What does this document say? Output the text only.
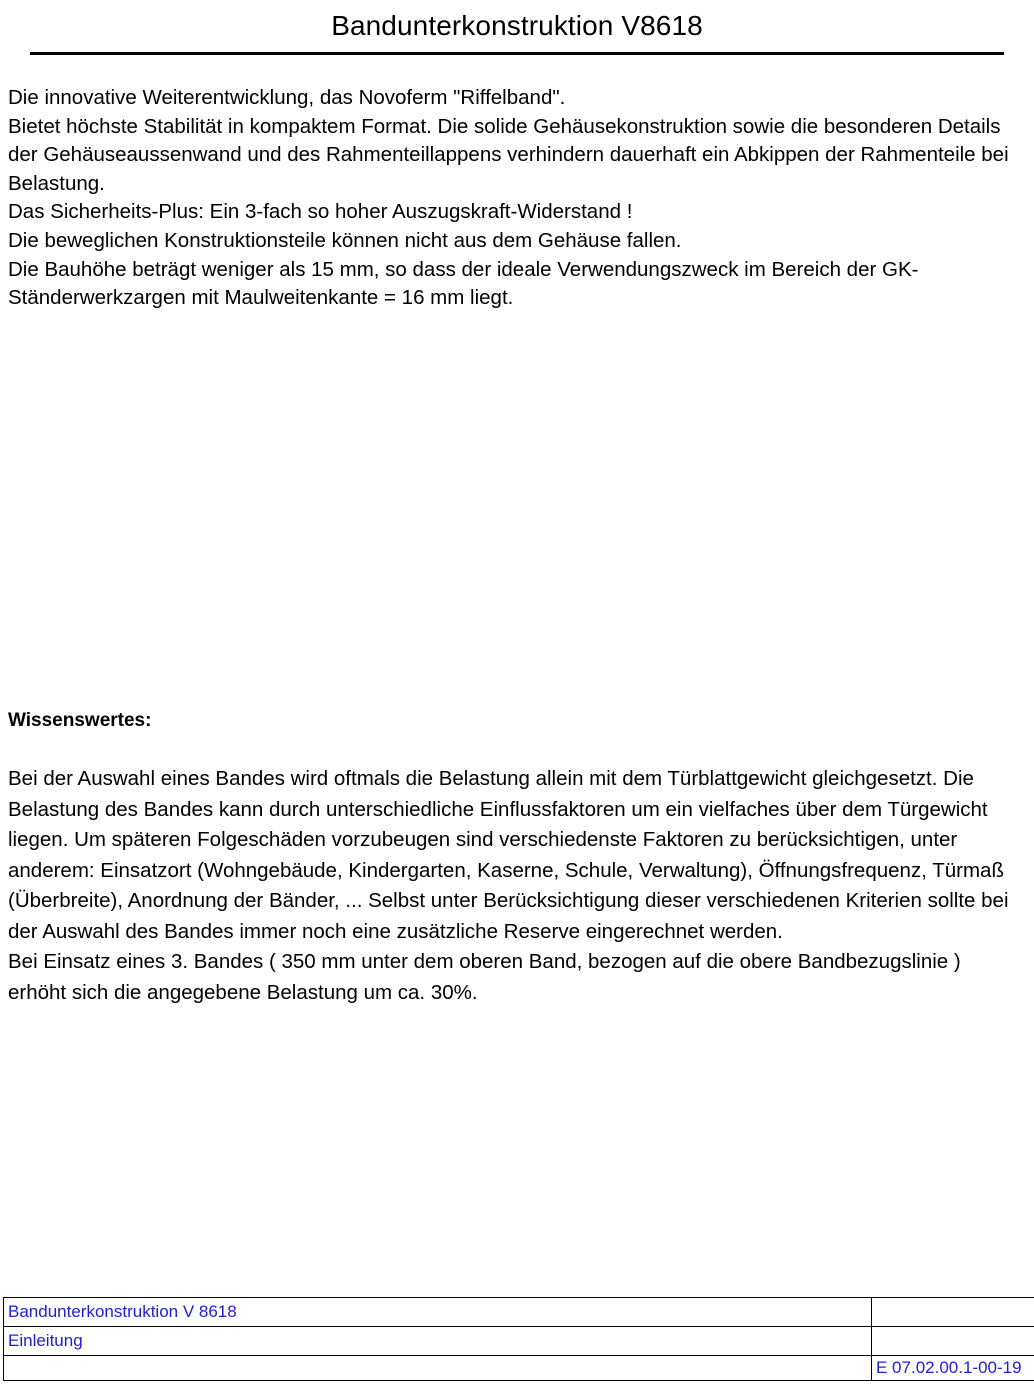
Bandunterkonstruktion V8618

Die innovative Weiterentwicklung, das Novoferm "Riffelband".

Bietet höchste Stabilität in kompaktem Format. Die solide Gehäusekonstruktion sowie die besonderen Details der Gehäuseaussenwand und des Rahmenteillappens verhindern dauerhaft ein Abkippen der Rahmenteile bei Belastung.

Das Sicherheits-Plus: Ein 3-fach so hoher Auszugskraft-Widerstand !

Die beweglichen Konstruktionsteile können nicht aus dem Gehäuse fallen.

Die Bauhöhe beträgt weniger als 15 mm, so dass der ideale Verwendungszweck im Bereich der GK-Ständerwerkzargen mit Maulweitenkante = 16 mm liegt.

Wissenswertes:

Bei der Auswahl eines Bandes wird oftmals die Belastung allein mit dem Türblattgewicht gleichgesetzt. Die Belastung des Bandes kann durch unterschiedliche Einflussfaktoren um ein vielfaches über dem Türgewicht liegen. Um späteren Folgeschäden vorzubeugen sind verschiedenste Faktoren zu berücksichtigen, unter anderem: Einsatzort (Wohngebäude, Kindergarten, Kaserne, Schule, Verwaltung), Öffnungsfrequenz, Türmaß (Überbreite), Anordnung der Bänder, ... Selbst unter Berücksichtigung dieser verschiedenen Kriterien sollte bei der Auswahl des Bandes immer noch eine zusätzliche Reserve eingerechnet werden.

Bei Einsatz eines 3. Bandes ( 350 mm unter dem oberen Band, bezogen auf die obere Bandbezugslinie ) erhöht sich die angegebene Belastung um ca. 30%.

Bandunterkonstruktion V 8618	
Einleitung	
	E 07.02.00.1-00-19
